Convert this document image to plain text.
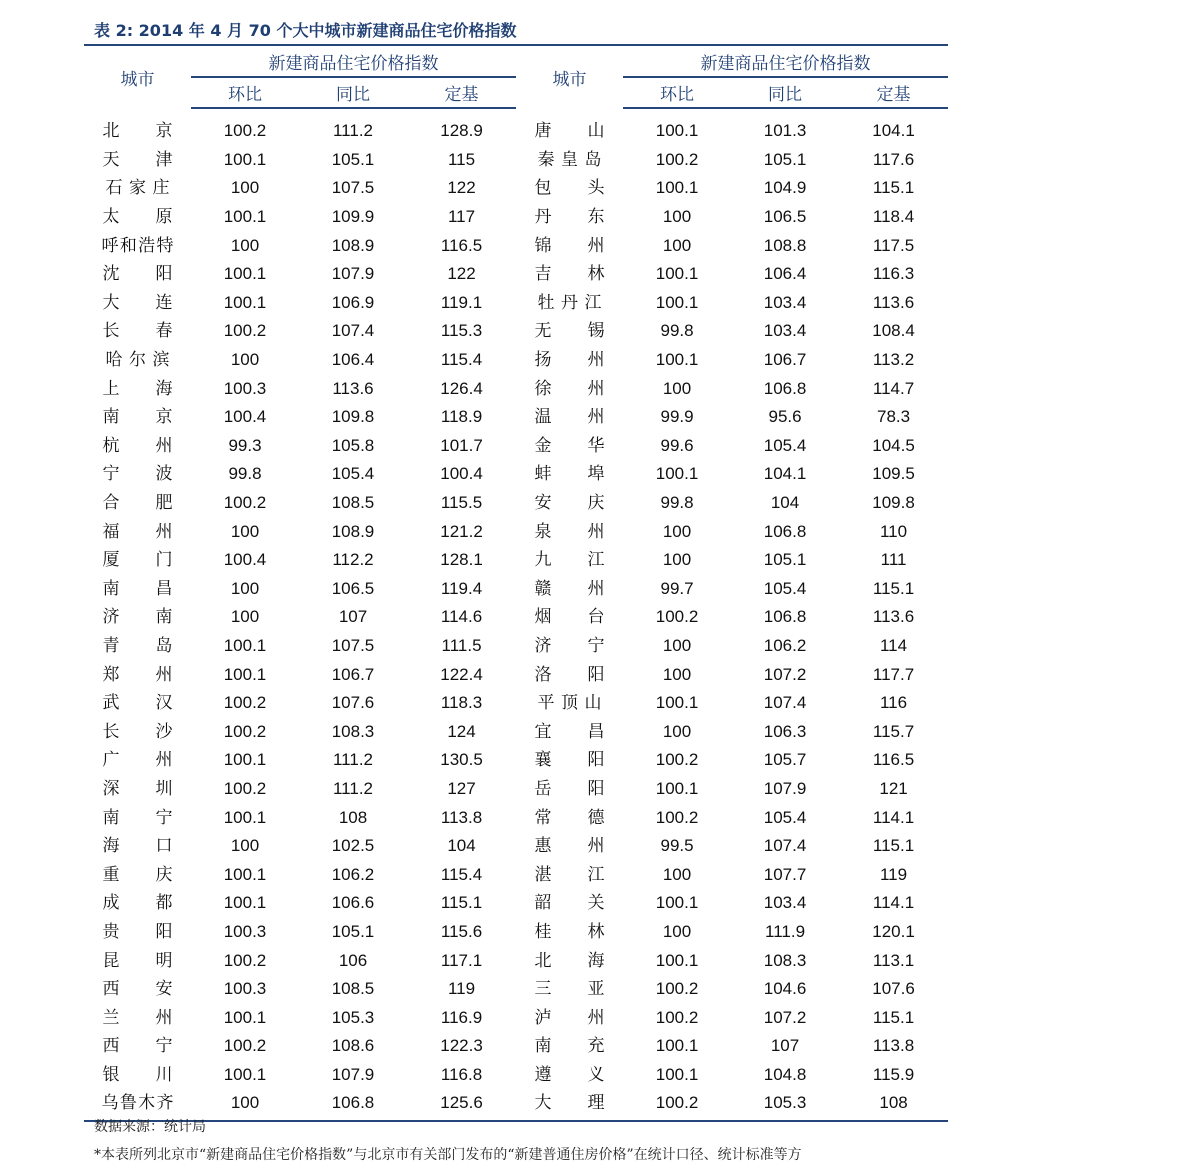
表 2: 2014 年 4 月 70 个大中城市新建商品住宅价格指数
城市	新建商品住宅价格指数			城市	新建商品住宅价格指数		
	环比	同比	定基		环比	同比	定基
北京	100.2	111.2	128.9	唐山	100.1	101.3	104.1
天津	100.1	105.1	115	秦皇岛	100.2	105.1	117.6
石家庄	100	107.5	122	包头	100.1	104.9	115.1
太原	100.1	109.9	117	丹东	100	106.5	118.4
呼和浩特	100	108.9	116.5	锦州	100	108.8	117.5
沈阳	100.1	107.9	122	吉林	100.1	106.4	116.3
大连	100.1	106.9	119.1	牡丹江	100.1	103.4	113.6
长春	100.2	107.4	115.3	无锡	99.8	103.4	108.4
哈尔滨	100	106.4	115.4	扬州	100.1	106.7	113.2
上海	100.3	113.6	126.4	徐州	100	106.8	114.7
南京	100.4	109.8	118.9	温州	99.9	95.6	78.3
杭州	99.3	105.8	101.7	金华	99.6	105.4	104.5
宁波	99.8	105.4	100.4	蚌埠	100.1	104.1	109.5
合肥	100.2	108.5	115.5	安庆	99.8	104	109.8
福州	100	108.9	121.2	泉州	100	106.8	110
厦门	100.4	112.2	128.1	九江	100	105.1	111
南昌	100	106.5	119.4	赣州	99.7	105.4	115.1
济南	100	107	114.6	烟台	100.2	106.8	113.6
青岛	100.1	107.5	111.5	济宁	100	106.2	114
郑州	100.1	106.7	122.4	洛阳	100	107.2	117.7
武汉	100.2	107.6	118.3	平顶山	100.1	107.4	116
长沙	100.2	108.3	124	宜昌	100	106.3	115.7
广州	100.1	111.2	130.5	襄阳	100.2	105.7	116.5
深圳	100.2	111.2	127	岳阳	100.1	107.9	121
南宁	100.1	108	113.8	常德	100.2	105.4	114.1
海口	100	102.5	104	惠州	99.5	107.4	115.1
重庆	100.1	106.2	115.4	湛江	100	107.7	119
成都	100.1	106.6	115.1	韶关	100.1	103.4	114.1
贵阳	100.3	105.1	115.6	桂林	100	111.9	120.1
昆明	100.2	106	117.1	北海	100.1	108.3	113.1
西安	100.3	108.5	119	三亚	100.2	104.6	107.6
兰州	100.1	105.3	116.9	泸州	100.2	107.2	115.1
西宁	100.2	108.6	122.3	南充	100.1	107	113.8
银川	100.1	107.9	116.8	遵义	100.1	104.8	115.9
乌鲁木齐	100	106.8	125.6	大理	100.2	105.3	108
数据来源：统计局
*本表所列北京市“新建商品住宅价格指数”与北京市有关部门发布的“新建普通住房价格”在统计口径、统计标准等方
